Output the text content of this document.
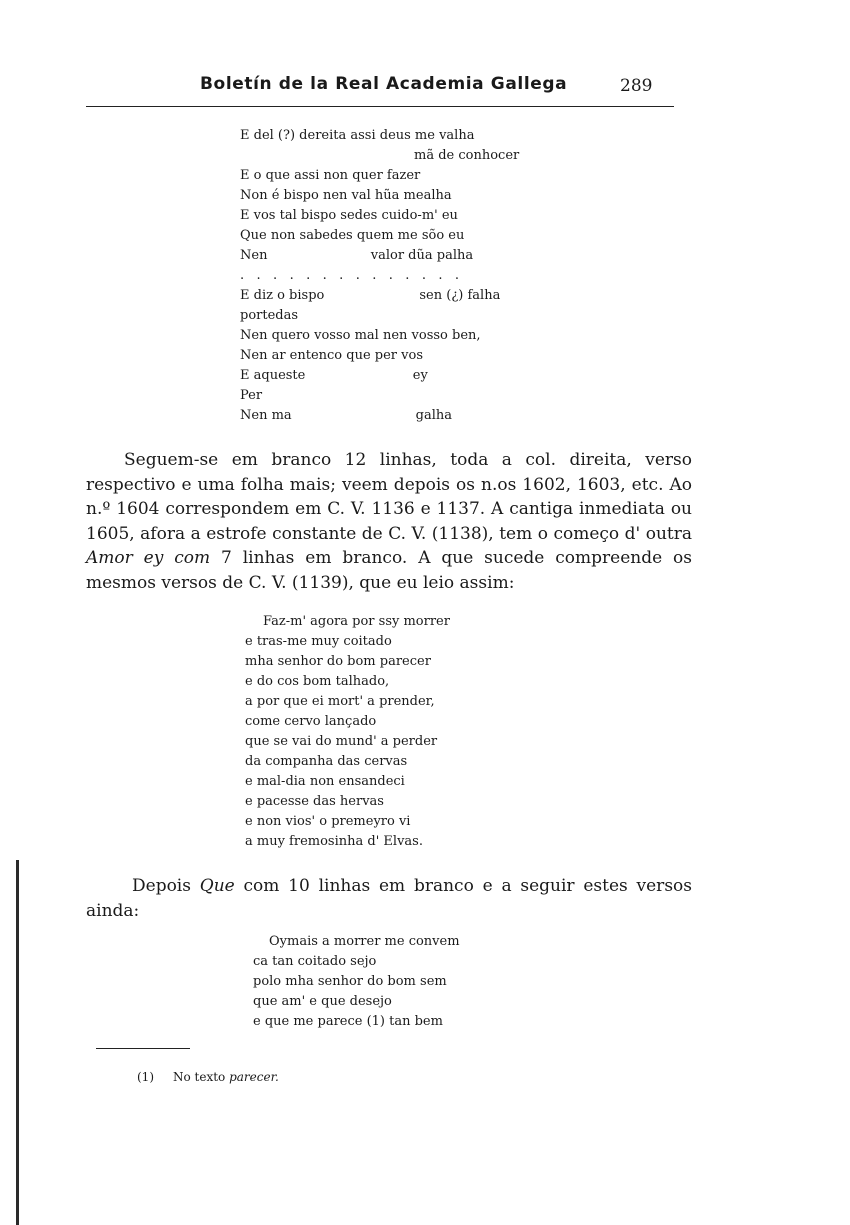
Boletín de la Real Academia Gallega	289
E del (?) dereita assi deus me valha
mã de conhocer
E o que assi non quer fazer
Non é bispo nen val hũa mealha
E vos tal bispo sedes cuido-m' eu
Que non sabedes quem me sõo eu
Nen                         valor dũa palha
.   .   .   .   .   .   .   .   .   .   .   .   .   .
E diz o bispo                       sen (¿) falha
portedas
Nen quero vosso mal nen vosso ben,
Nen ar entenco que per vos
E aqueste                          ey
Per
Nen ma                              galha

Seguem-se em branco 12 linhas, toda a col. direita, verso respectivo e uma folha mais; veem depois os n.os 1602, 1603, etc. Ao n.º 1604 correspondem em C. V. 1136 e 1137. A cantiga inmediata ou 1605, afora a estrofe constante de C. V. (1138), tem o começo d' outra Amor ey com 7 linhas em branco. A que sucede compreende os mesmos versos de C. V. (1139), que eu leio assim:

Faz-m' agora por ssy morrer
e tras-me muy coitado
mha senhor do bom parecer
e do cos bom talhado,
a por que ei mort' a prender,
come cervo lançado
que se vai do mund' a perder
da companha das cervas
e mal-dia non ensandeci
e pacesse das hervas
e non vios' o premeyro vi
a muy fremosinha d' Elvas.

Depois Que com 10 linhas em branco e a seguir estes versos ainda:

Oymais a morrer me convem
ca tan coitado sejo
polo mha senhor do bom sem
que am' e que desejo
e que me parece (1) tan bem
(1) No texto parecer.
